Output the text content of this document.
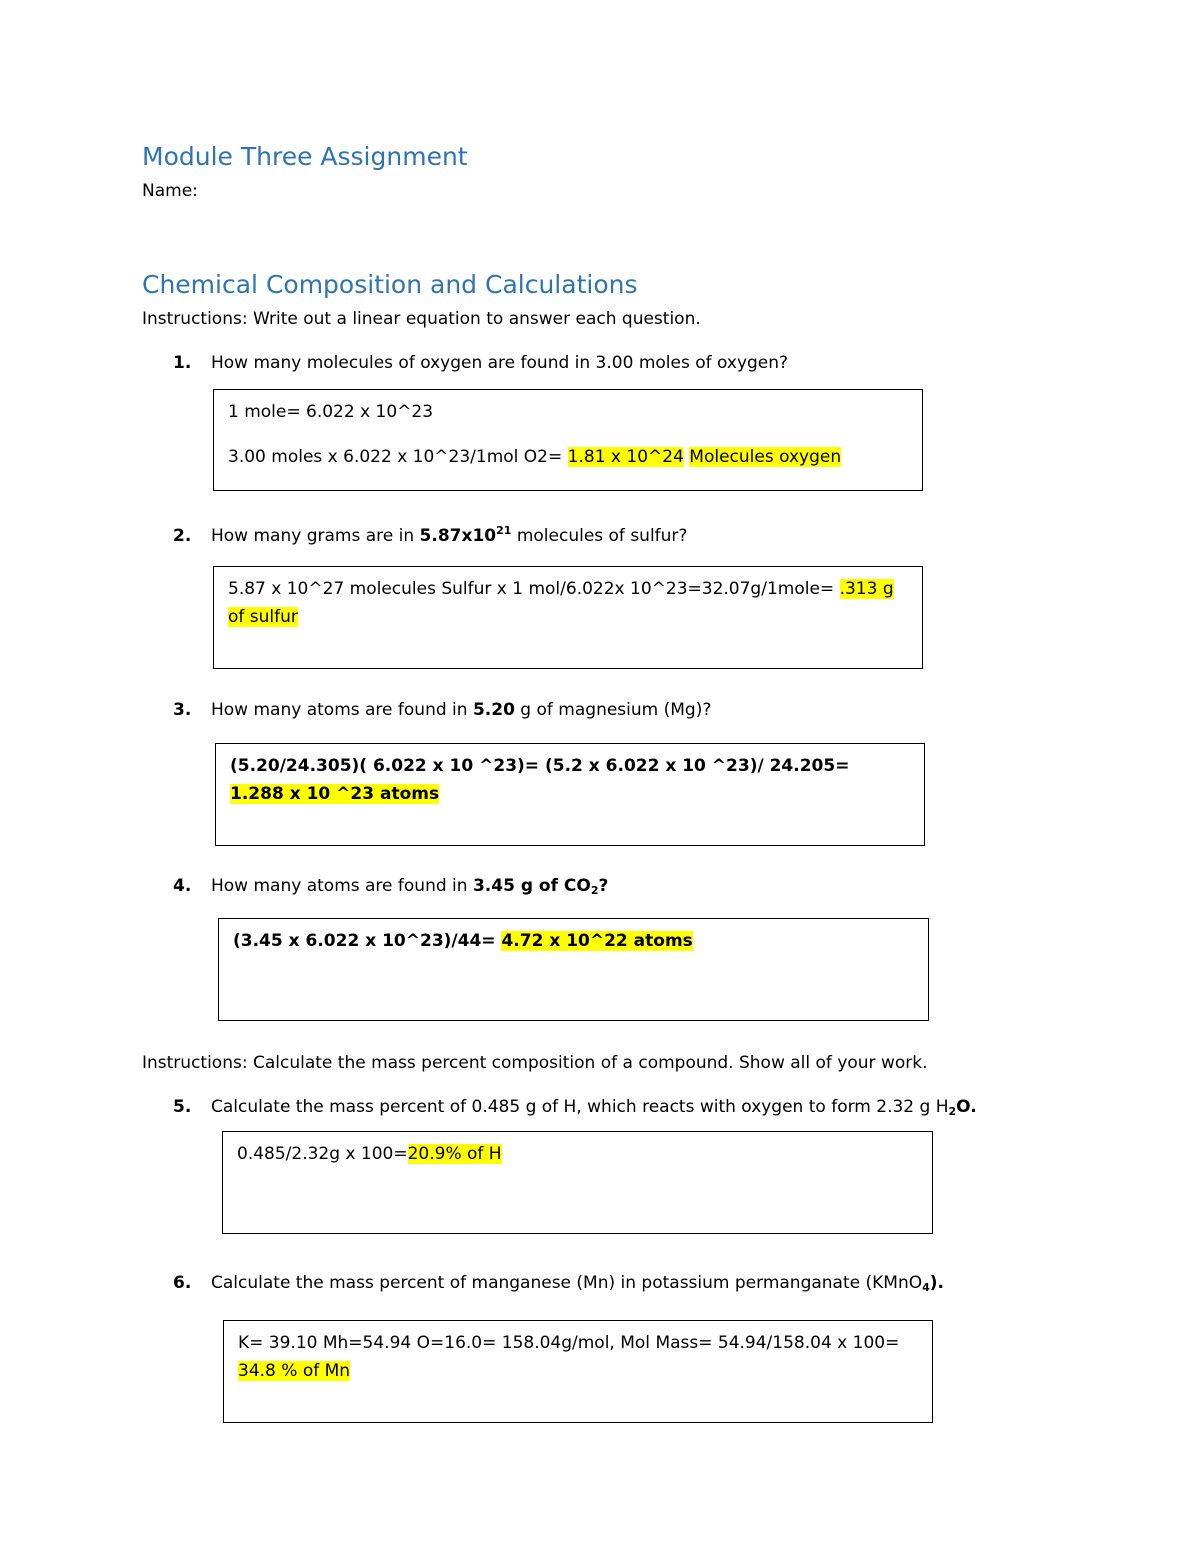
Module Three Assignment
Name:
Chemical Composition and Calculations
Instructions: Write out a linear equation to answer each question.
1. How many molecules of oxygen are found in 3.00 moles of oxygen?

1 mole= 6.022 x 10^23

3.00 moles x 6.022 x 10^23/1mol O2= 1.81 x 10^24 Molecules oxygen

2. How many grams are in $5.87x10^{21}$ molecules of sulfur?

5.87 x 10^27 molecules Sulfur x 1 mol/6.022x 10^23=32.07g/1mole= .313 g of sulfur

3. How many atoms are found in 5.20 g of magnesium (Mg)?

(5.20/24.305)( 6.022 x 10 ^23)= (5.2 x 6.022 x 10 ^23)/ 24.205= 1.288 x 10 ^23 atoms

4. How many atoms are found in 3.45 g of $CO_2$?

(3.45 x 6.022 x 10^23)/44= 4.72 x 10^22 atoms

Instructions: Calculate the mass percent composition of a compound. Show all of your work.
5. Calculate the mass percent of 0.485 g of H, which reacts with oxygen to form 2.32 g $H_2O$.

0.485/2.32g x 100=20.9% of H

6. Calculate the mass percent of manganese (Mn) in potassium permanganate (KMnO$_4$).

K= 39.10 Mh=54.94 O=16.0= 158.04g/mol, Mol Mass= 54.94/158.04 x 100= 34.8 % of Mn
